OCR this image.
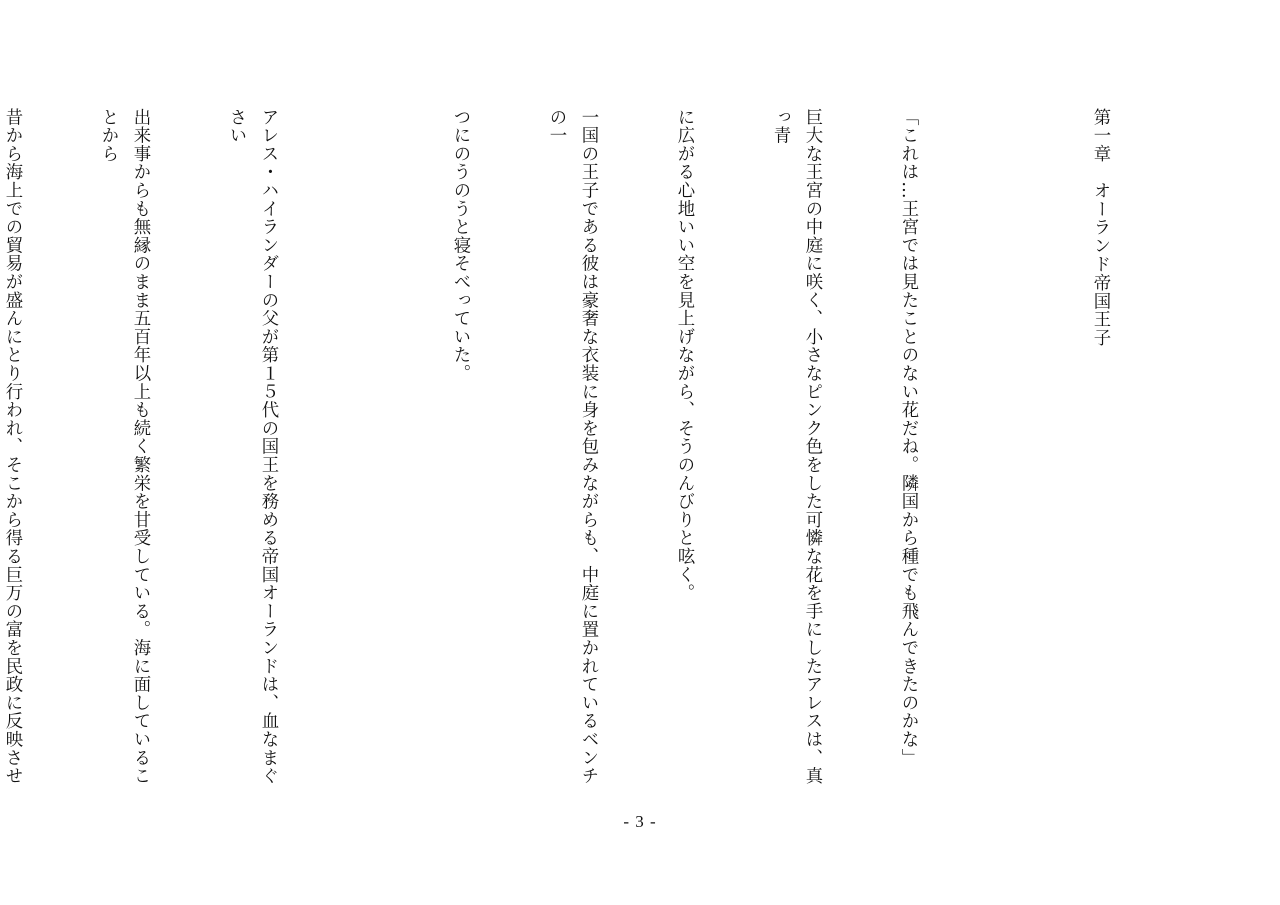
第一章　オーランド帝国王子

「これは…王宮では見たことのない花だね。隣国から種でも飛んできたのかな」

巨大な王宮の中庭に咲く、小さなピンク色をした可憐な花を手にしたアレスは、真っ青

に広がる心地いい空を見上げながら、そうのんびりと呟く。

一国の王子である彼は豪奢な衣装に身を包みながらも、中庭に置かれているベンチの一

つにのうのうと寝そべっていた。

アレス・ハイランダーの父が第１５代の国王を務める帝国オーランドは、血なまぐさい

出来事からも無縁のまま五百年以上も続く繁栄を甘受している。海に面していることから

昔から海上での貿易が盛んにとり行われ、そこから得る巨万の富を民政に反映させ

- 3 -
